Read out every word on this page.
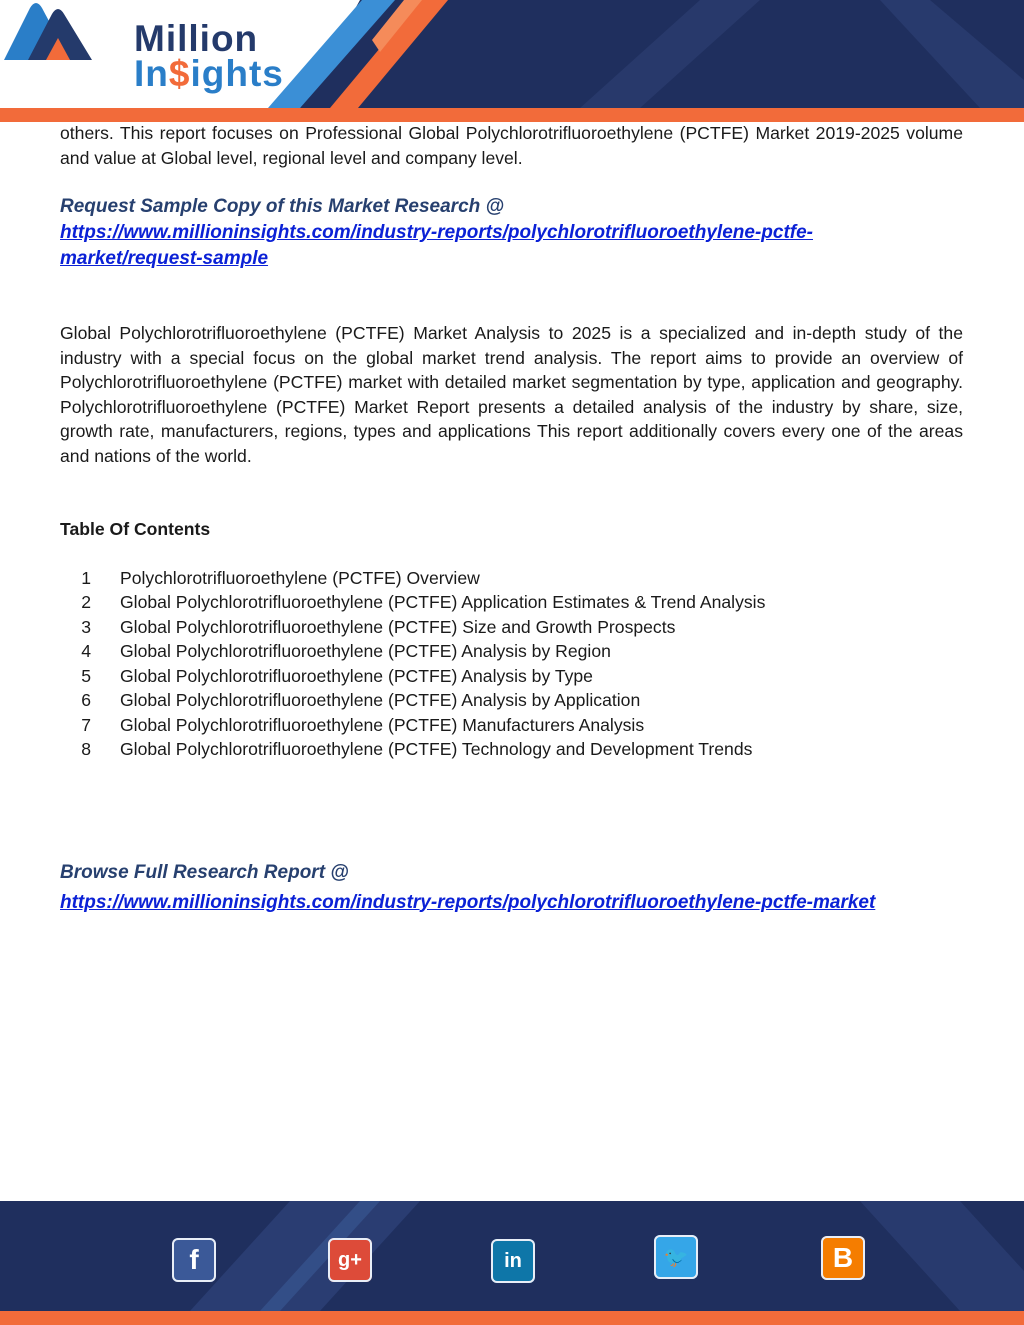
Million
In$ights

others. This report focuses on Professional Global Polychlorotrifluoroethylene (PCTFE) Market 2019-2025 volume and value at Global level, regional level and company level.

Request Sample Copy of this Market Research @

https://www.millioninsights.com/industry-reports/polychlorotrifluoroethylene-pctfe-
market/request-sample

Global Polychlorotrifluoroethylene (PCTFE) Market Analysis to 2025 is a specialized and in-depth study of the industry with a special focus on the global market trend analysis. The report aims to provide an overview of Polychlorotrifluoroethylene (PCTFE) market with detailed market segmentation by type, application and geography. Polychlorotrifluoroethylene (PCTFE) Market Report presents a detailed analysis of the industry by share, size, growth rate, manufacturers, regions, types and applications This report additionally covers every one of the areas and nations of the world.

Table Of Contents

1	Polychlorotrifluoroethylene (PCTFE) Overview
2	Global Polychlorotrifluoroethylene (PCTFE) Application Estimates & Trend Analysis
3	Global Polychlorotrifluoroethylene (PCTFE) Size and Growth Prospects
4	Global Polychlorotrifluoroethylene (PCTFE) Analysis by Region
5	Global Polychlorotrifluoroethylene (PCTFE) Analysis by Type
6	Global Polychlorotrifluoroethylene (PCTFE) Analysis by Application
7	Global Polychlorotrifluoroethylene (PCTFE) Manufacturers Analysis
8	Global Polychlorotrifluoroethylene (PCTFE) Technology and Development Trends

Browse Full Research Report @

https://www.millioninsights.com/industry-reports/polychlorotrifluoroethylene-pctfe-market
f	g+	in	🐦	B
